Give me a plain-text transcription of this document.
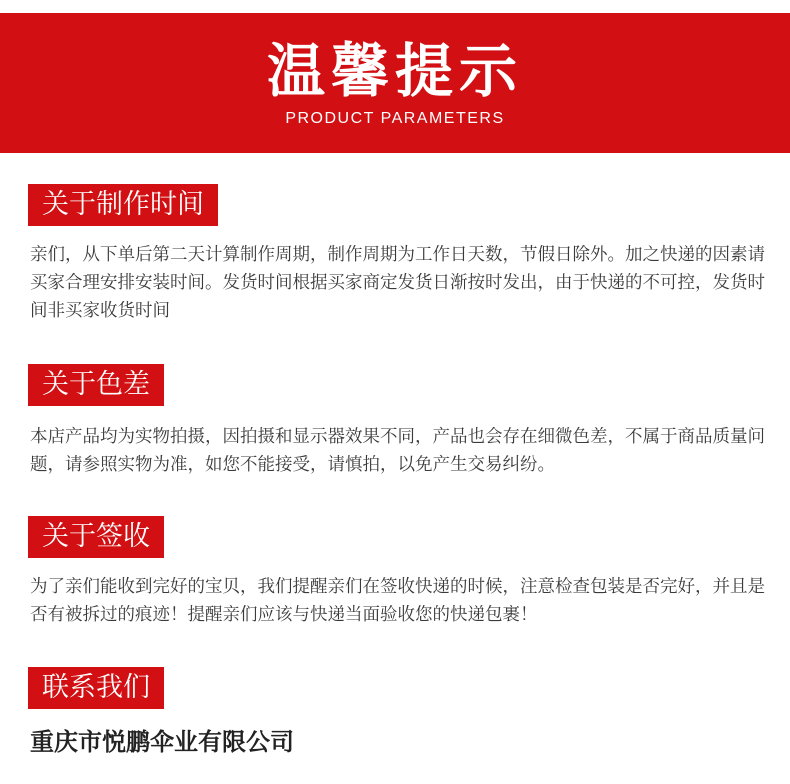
温馨提示
PRODUCT PARAMETERS
关于制作时间
亲们，从下单后第二天计算制作周期，制作周期为工作日天数，节假日除外。加之快递的因素请买家合理安排安装时间。发货时间根据买家商定发货日渐按时发出，由于快递的不可控，发货时间非买家收货时间
关于色差
本店产品均为实物拍摄，因拍摄和显示器效果不同，产品也会存在细微色差，不属于商品质量问题，请参照实物为准，如您不能接受，请慎拍，以免产生交易纠纷。
关于签收
为了亲们能收到完好的宝贝，我们提醒亲们在签收快递的时候，注意检查包装是否完好，并且是否有被拆过的痕迹！提醒亲们应该与快递当面验收您的快递包裹！
联系我们
重庆市悦鹏伞业有限公司
